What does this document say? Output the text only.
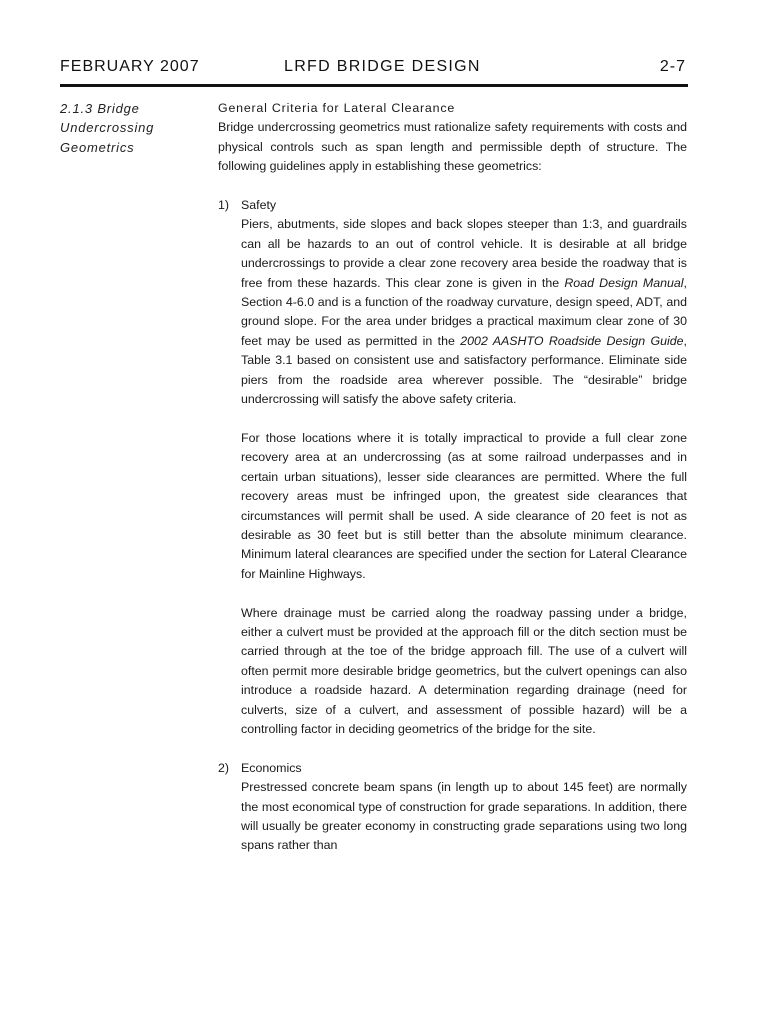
FEBRUARY 2007	LRFD BRIDGE DESIGN	2-7
2.1.3 Bridge
Undercrossing
Geometrics

General Criteria for Lateral Clearance

Bridge undercrossing geometrics must rationalize safety requirements with costs and physical controls such as span length and permissible depth of structure. The following guidelines apply in establishing these geometrics:

1) Safety

Piers, abutments, side slopes and back slopes steeper than 1:3, and guardrails can all be hazards to an out of control vehicle. It is desirable at all bridge undercrossings to provide a clear zone recovery area beside the roadway that is free from these hazards. This clear zone is given in the Road Design Manual, Section 4-6.0 and is a function of the roadway curvature, design speed, ADT, and ground slope. For the area under bridges a practical maximum clear zone of 30 feet may be used as permitted in the 2002 AASHTO Roadside Design Guide, Table 3.1 based on consistent use and satisfactory performance. Eliminate side piers from the roadside area wherever possible. The “desirable” bridge undercrossing will satisfy the above safety criteria.

For those locations where it is totally impractical to provide a full clear zone recovery area at an undercrossing (as at some railroad underpasses and in certain urban situations), lesser side clearances are permitted. Where the full recovery areas must be infringed upon, the greatest side clearances that circumstances will permit shall be used. A side clearance of 20 feet is not as desirable as 30 feet but is still better than the absolute minimum clearance. Minimum lateral clearances are specified under the section for Lateral Clearance for Mainline Highways.

Where drainage must be carried along the roadway passing under a bridge, either a culvert must be provided at the approach fill or the ditch section must be carried through at the toe of the bridge approach fill. The use of a culvert will often permit more desirable bridge geometrics, but the culvert openings can also introduce a roadside hazard. A determination regarding drainage (need for culverts, size of a culvert, and assessment of possible hazard) will be a controlling factor in deciding geometrics of the bridge for the site.

2) Economics

Prestressed concrete beam spans (in length up to about 145 feet) are normally the most economical type of construction for grade separations. In addition, there will usually be greater economy in constructing grade separations using two long spans rather than
